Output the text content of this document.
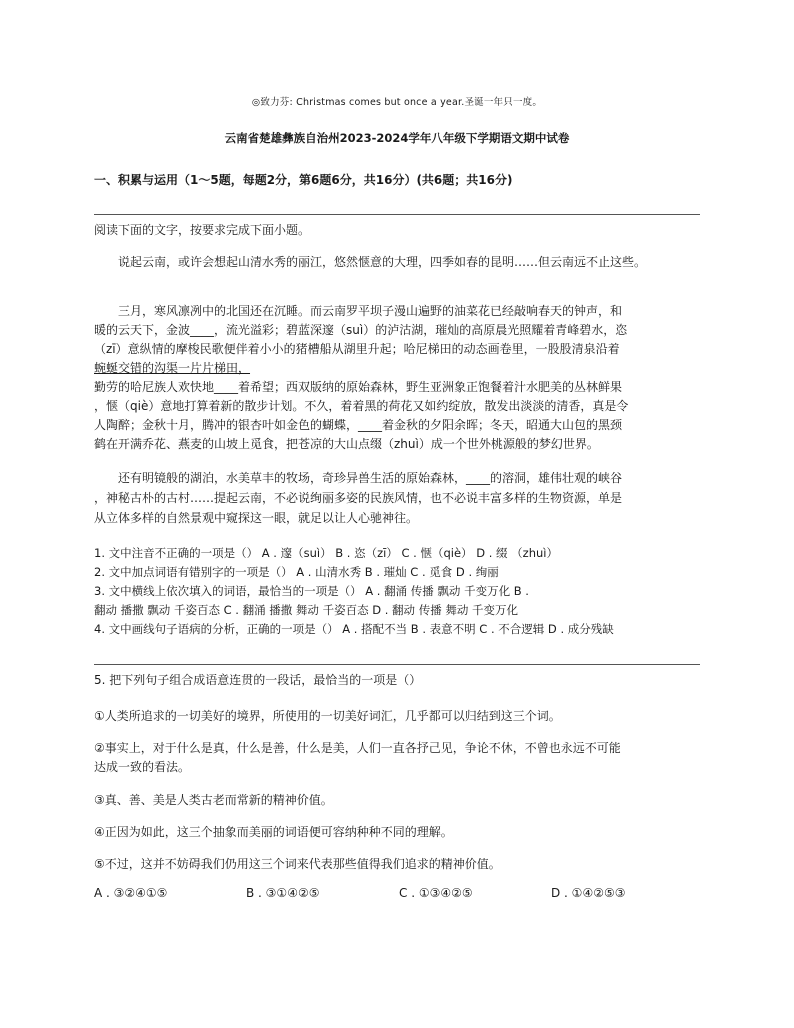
◎致力芬: Christmas comes but once a year.圣诞一年只一度。
云南省楚雄彝族自治州2023-2024学年八年级下学期语文期中试卷
一、积累与运用（1～5题，每题2分，第6题6分，共16分）(共6题；共16分)
阅读下面的文字，按要求完成下面小题。
说起云南，或许会想起山清水秀的丽江，悠然惬意的大理，四季如春的昆明……但云南远不止这些。
三月，寒风凛冽中的北国还在沉睡。而云南罗平坝子漫山遍野的油菜花已经敲响春天的钟声，和
暖的云天下，金波____，流光溢彩；碧蓝深邃（suì）的泸沽湖，璀灿的高原晨光照耀着青峰碧水，恣
（zī）意纵情的摩梭民歌便伴着小小的猪槽船从湖里升起；哈尼梯田的动态画卷里，一股股清泉沿着
蜿蜒交错的沟渠一片片梯田，
勤劳的哈尼族人欢快地____着希望；西双版纳的原始森林，野生亚洲象正饱餐着汁水肥美的丛林鲜果
，惬（qiè）意地打算着新的散步计划。不久，着着黑的荷花又如约绽放，散发出淡淡的清香，真是令
人陶醉；金秋十月，腾冲的银杏叶如金色的蝴蝶，____着金秋的夕阳余晖；冬天，昭通大山包的黑颈
鹤在开满乔花、燕麦的山坡上觅食，把苍凉的大山点缀（zhuì）成一个世外桃源般的梦幻世界。
还有明镜般的湖泊，水美草丰的牧场，奇珍异兽生活的原始森林，____的溶洞，雄伟壮观的峡谷
，神秘古朴的古村……提起云南，不必说绚丽多姿的民族风情，也不必说丰富多样的生物资源，单是
从立体多样的自然景观中窥探这一眼，就足以让人心驰神往。
1. 文中注音不正确的一项是（） A . 邃（suì） B . 恣（zī） C . 惬（qiè） D . 缀 （zhuì）
2. 文中加点词语有错别字的一项是（） A . 山清水秀 B . 璀灿 C . 觅食 D . 绚丽
3. 文中横线上依次填入的词语，最恰当的一项是（） A . 翻涌 传播 飘动 千变万化 B .
翻动 播撒 飘动 千姿百态 C . 翻涌 播撒 舞动 千姿百态 D . 翻动 传播 舞动 千变万化
4. 文中画线句子语病的分析，正确的一项是（） A . 搭配不当 B . 表意不明 C . 不合逻辑 D . 成分残缺
5. 把下列句子组合成语意连贯的一段话，最恰当的一项是（）
①人类所追求的一切美好的境界，所使用的一切美好词汇，几乎都可以归结到这三个词。
②事实上，对于什么是真，什么是善，什么是美，人们一直各抒己见，争论不休，不曾也永远不可能
达成一致的看法。
③真、善、美是人类古老而常新的精神价值。
④正因为如此，这三个抽象而美丽的词语便可容纳种种不同的理解。
⑤不过，这并不妨碍我们仍用这三个词来代表那些值得我们追求的精神价值。
A . ③②④①⑤	B . ③①④②⑤	C . ①③④②⑤	D . ①④②⑤③
